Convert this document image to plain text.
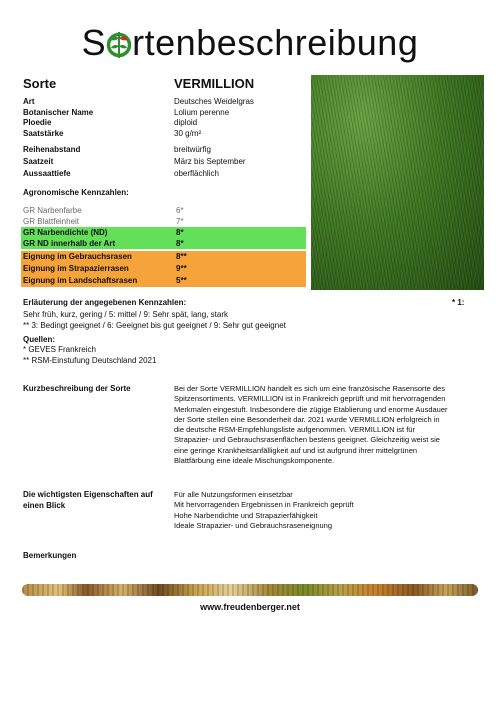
S rtenbeschreibung
Sorte	VERMILLION
Art	Deutsches Weidelgras
Botanischer Name	Lolium perenne
Ploedie	diploid
Saatstärke	30 g/m²
Reihenabstand	breitwürfig
Saatzeit	März bis September
Aussaattiefe	oberflächlich
Agronomische Kennzahlen:
GR Narbenfarbe	6*
GR Blattfeinheit	7*
GR Narbendichte (ND)	8*
GR ND innerhalb der Art	8*
Eignung im Gebrauchsrasen	8**
Eignung im Strapazierrasen	9**
Eignung im Landschaftsrasen	5**
Erläuterung der angegebenen Kennzahlen:	* 1:
Sehr früh, kurz, gering / 5: mittel / 9: Sehr spät, lang, stark
** 3: Bedingt geeignet / 6: Geeignet bis gut geeignet / 9: Sehr gut geeignet
Quellen:
* GEVES Frankreich
** RSM-Einstufung Deutschland 2021
Kurzbeschreibung der Sorte	Bei der Sorte VERMILLION handelt es sich um eine französische Rasensorte des
Spitzensortiments. VERMILLION ist in Frankreich geprüft und mit hervorragenden
Merkmalen eingestuft. Insbesondere die zügige Etablierung und enorme Ausdauer
der Sorte stellen eine Besonderheit dar. 2021 wurde VERMILLION erfolgreich in
die deutsche RSM-Empfehlungsliste aufgenommen. VERMILLION ist für
Strapazier- und Gebrauchsrasenflächen bestens geeignet. Gleichzeitig weist sie
eine geringe Krankheitsanfälligkeit auf und ist aufgrund ihrer mittelgrünen
Blattfärbung eine ideale Mischungskomponente.
Die wichtigsten Eigenschaften auf
einen Blick
Für alle Nutzungsformen einsetzbar
Mit hervorragenden Ergebnissen in Frankreich geprüft
Hohe Narbendichte und Strapazierfähigkeit
Ideale Strapazier- und Gebrauchsraseneignung
Bemerkungen
www.freudenberger.net
